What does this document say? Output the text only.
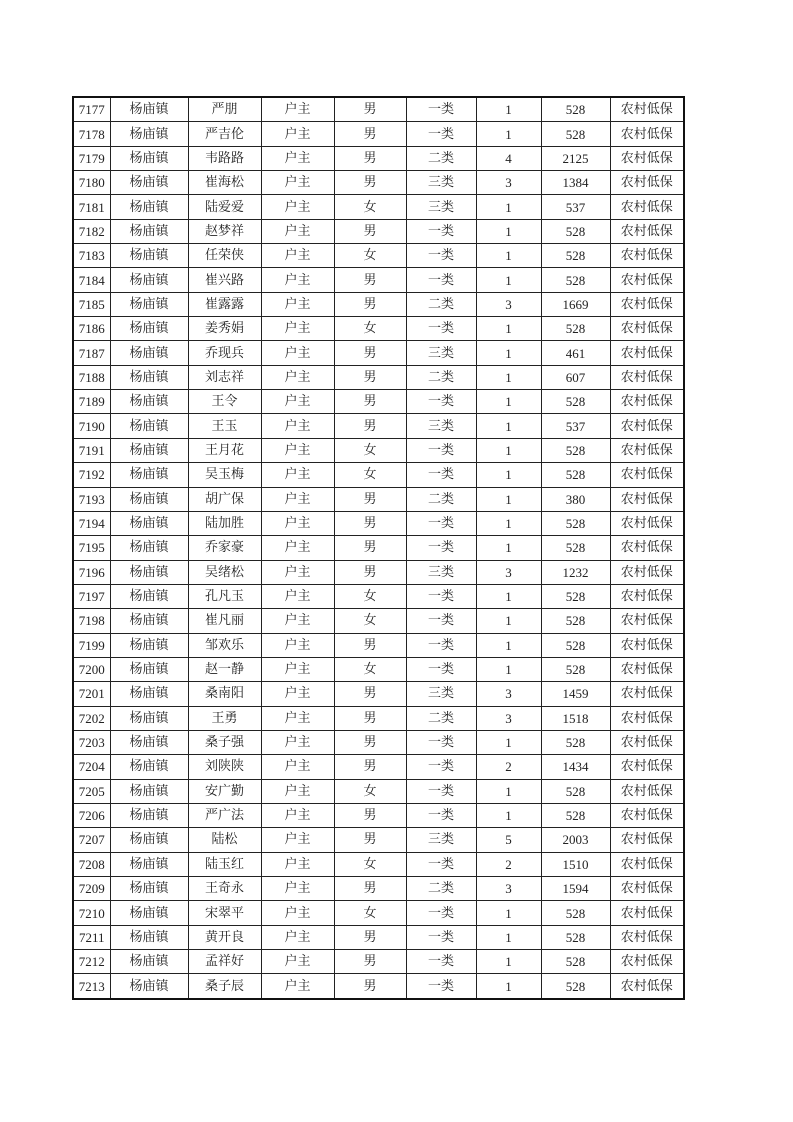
7177	杨庙镇	严朋	户主	男	一类	1	528	农村低保
7178	杨庙镇	严吉伦	户主	男	一类	1	528	农村低保
7179	杨庙镇	韦路路	户主	男	二类	4	2125	农村低保
7180	杨庙镇	崔海松	户主	男	三类	3	1384	农村低保
7181	杨庙镇	陆爱爱	户主	女	三类	1	537	农村低保
7182	杨庙镇	赵梦祥	户主	男	一类	1	528	农村低保
7183	杨庙镇	任荣侠	户主	女	一类	1	528	农村低保
7184	杨庙镇	崔兴路	户主	男	一类	1	528	农村低保
7185	杨庙镇	崔露露	户主	男	二类	3	1669	农村低保
7186	杨庙镇	姜秀娟	户主	女	一类	1	528	农村低保
7187	杨庙镇	乔现兵	户主	男	三类	1	461	农村低保
7188	杨庙镇	刘志祥	户主	男	二类	1	607	农村低保
7189	杨庙镇	王令	户主	男	一类	1	528	农村低保
7190	杨庙镇	王玉	户主	男	三类	1	537	农村低保
7191	杨庙镇	王月花	户主	女	一类	1	528	农村低保
7192	杨庙镇	吴玉梅	户主	女	一类	1	528	农村低保
7193	杨庙镇	胡广保	户主	男	二类	1	380	农村低保
7194	杨庙镇	陆加胜	户主	男	一类	1	528	农村低保
7195	杨庙镇	乔家豪	户主	男	一类	1	528	农村低保
7196	杨庙镇	吴绪松	户主	男	三类	3	1232	农村低保
7197	杨庙镇	孔凡玉	户主	女	一类	1	528	农村低保
7198	杨庙镇	崔凡丽	户主	女	一类	1	528	农村低保
7199	杨庙镇	邹欢乐	户主	男	一类	1	528	农村低保
7200	杨庙镇	赵一静	户主	女	一类	1	528	农村低保
7201	杨庙镇	桑南阳	户主	男	三类	3	1459	农村低保
7202	杨庙镇	王勇	户主	男	二类	3	1518	农村低保
7203	杨庙镇	桑子强	户主	男	一类	1	528	农村低保
7204	杨庙镇	刘陕陕	户主	男	一类	2	1434	农村低保
7205	杨庙镇	安广勤	户主	女	一类	1	528	农村低保
7206	杨庙镇	严广法	户主	男	一类	1	528	农村低保
7207	杨庙镇	陆松	户主	男	三类	5	2003	农村低保
7208	杨庙镇	陆玉红	户主	女	一类	2	1510	农村低保
7209	杨庙镇	王奇永	户主	男	二类	3	1594	农村低保
7210	杨庙镇	宋翠平	户主	女	一类	1	528	农村低保
7211	杨庙镇	黄开良	户主	男	一类	1	528	农村低保
7212	杨庙镇	孟祥好	户主	男	一类	1	528	农村低保
7213	杨庙镇	桑子辰	户主	男	一类	1	528	农村低保
